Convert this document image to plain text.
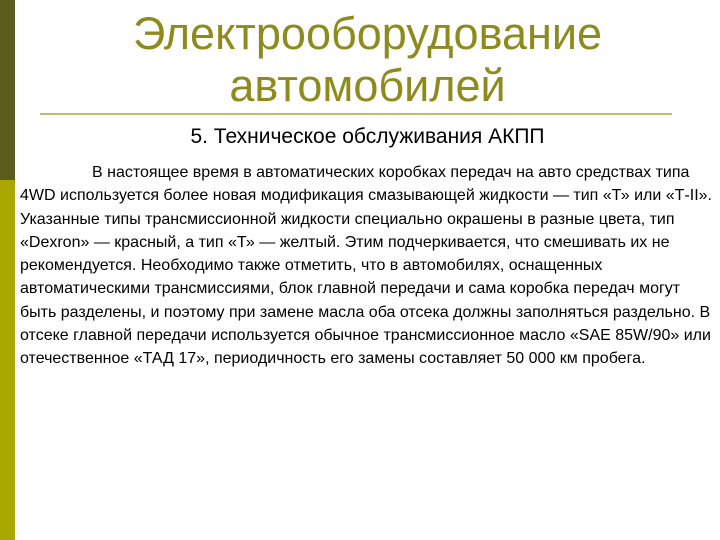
Электрооборудование
автомобилей
5. Техническое обслуживания АКПП

В настоящее время в автоматических коробках передач на авто средствах типа 4WD используется более новая модификация смазывающей жидкости — тип «Т» или «Т-II». Указанные типы трансмиссионной жидкости специально окрашены в разные цвета, тип «Dexron» — красный, а тип «Т» — желтый. Этим подчеркивается, что смешивать их не рекомендуется. Необходимо также отметить, что в автомобилях, оснащенных автоматическими трансмиссиями, блок главной передачи и сама коробка передач могут быть разделены, и поэтому при замене масла оба отсека должны заполняться раздельно. В отсеке главной передачи используется обычное трансмиссионное масло «SAE 85W/90» или отечественное «ТАД 17», периодичность его замены составляет 50 000 км пробега.
